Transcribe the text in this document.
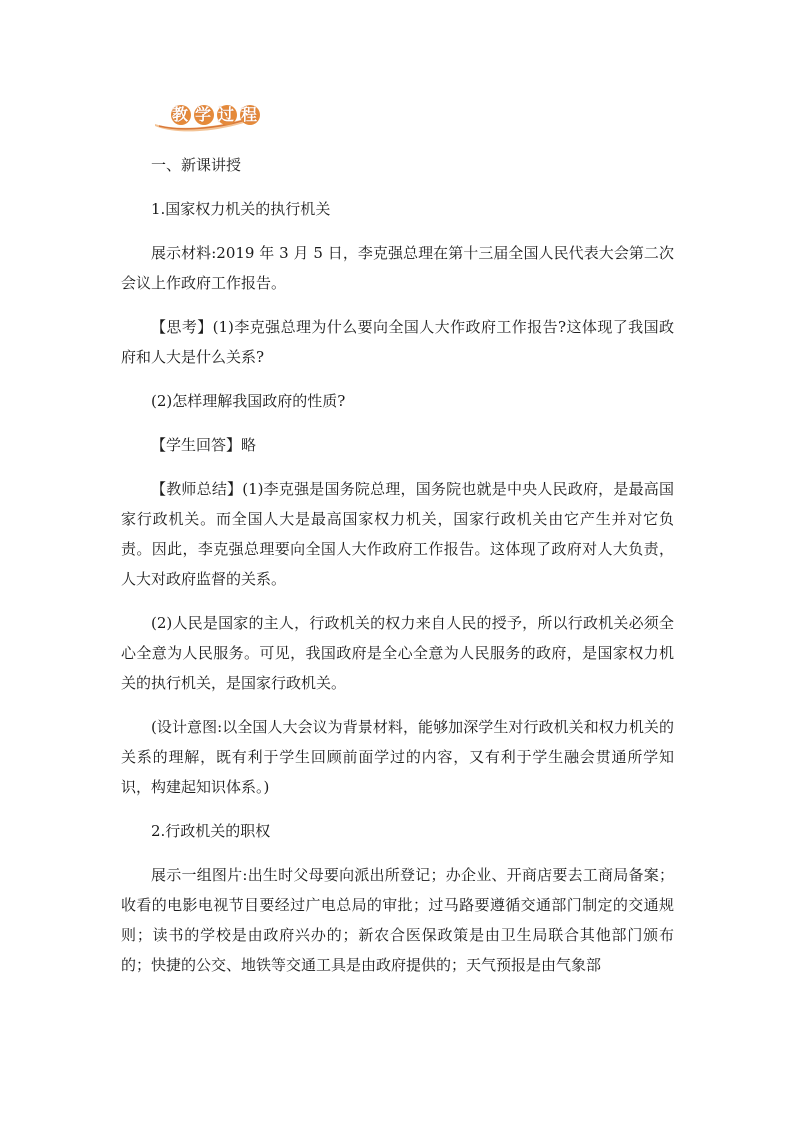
教 学 过 程

一、新课讲授

1.国家权力机关的执行机关

展示材料:2019 年 3 月 5 日，李克强总理在第十三届全国人民代表大会第二次会议上作政府工作报告。

【思考】(1)李克强总理为什么要向全国人大作政府工作报告?这体现了我国政府和人大是什么关系?

(2)怎样理解我国政府的性质?

【学生回答】略

【教师总结】(1)李克强是国务院总理，国务院也就是中央人民政府，是最高国家行政机关。而全国人大是最高国家权力机关，国家行政机关由它产生并对它负责。因此，李克强总理要向全国人大作政府工作报告。这体现了政府对人大负责，人大对政府监督的关系。

(2)人民是国家的主人，行政机关的权力来自人民的授予，所以行政机关必须全心全意为人民服务。可见，我国政府是全心全意为人民服务的政府，是国家权力机关的执行机关，是国家行政机关。

(设计意图:以全国人大会议为背景材料，能够加深学生对行政机关和权力机关的关系的理解，既有利于学生回顾前面学过的内容，又有利于学生融会贯通所学知识，构建起知识体系。)

2.行政机关的职权

展示一组图片:出生时父母要向派出所登记；办企业、开商店要去工商局备案；收看的电影电视节目要经过广电总局的审批；过马路要遵循交通部门制定的交通规则；读书的学校是由政府兴办的；新农合医保政策是由卫生局联合其他部门颁布的；快捷的公交、地铁等交通工具是由政府提供的；天气预报是由气象部
